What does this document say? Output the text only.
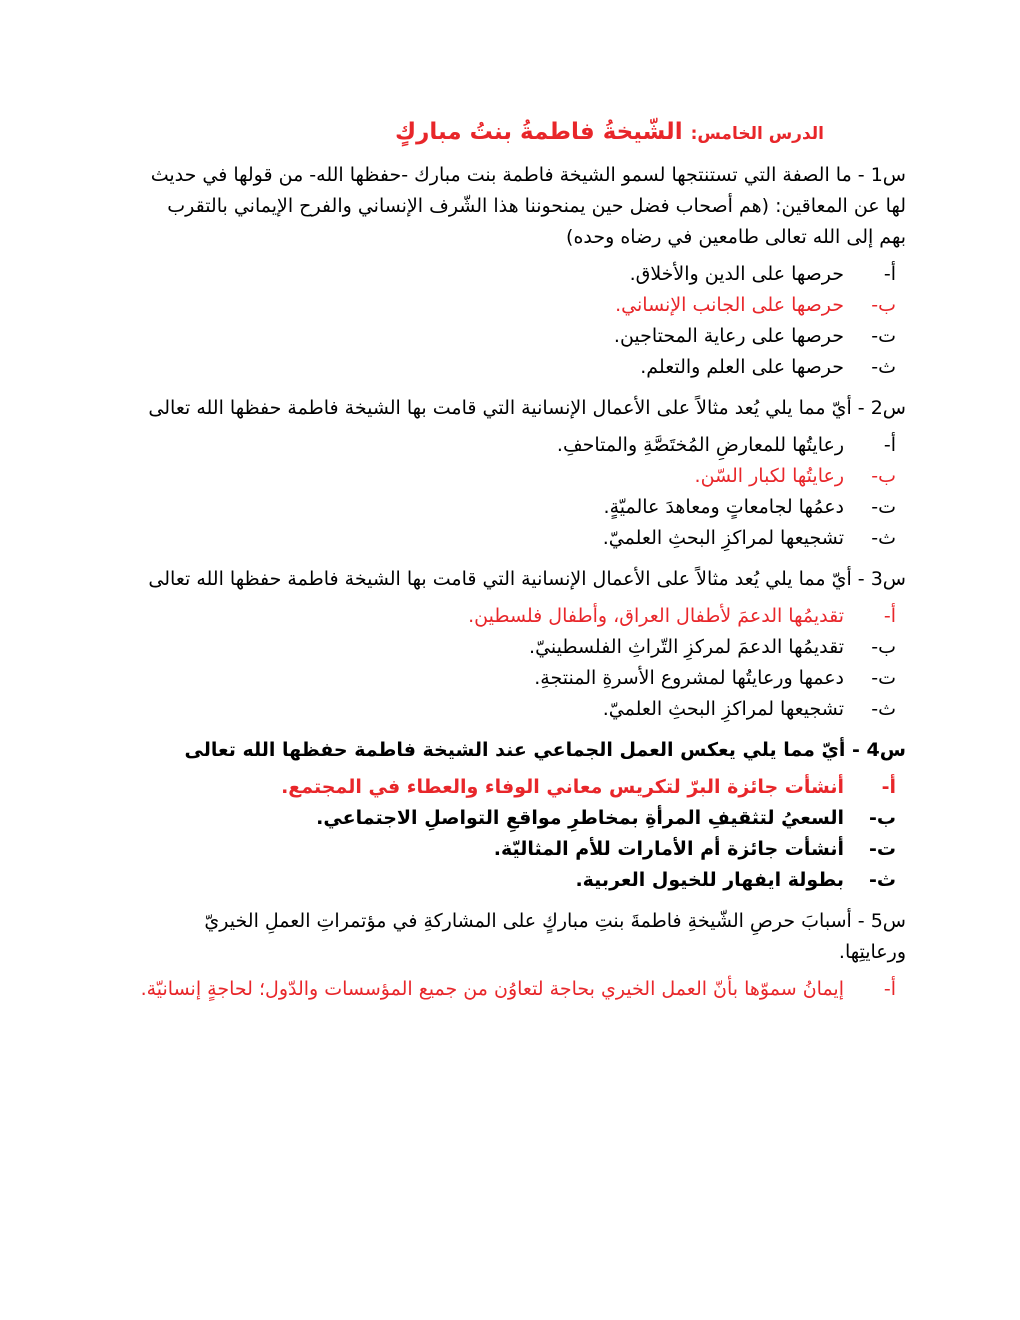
الدرس الخامس: الشّيخةُ فاطمةُ بنتُ مباركٍ

س1 - ما الصفة التي تستنتجها لسمو الشيخة فاطمة بنت مبارك -حفظها الله- من قولها في حديث لها عن المعاقين: (هم أصحاب فضل حين يمنحوننا هذا الشّرف الإنساني والفرح الإيماني بالتقرب بهم إلى الله تعالى طامعين في رضاه وحده)

أ-
حرصها على الدين والأخلاق.
ب-
حرصها على الجانب الإنساني.
ت-
حرصها على رعاية المحتاجين.
ث-
حرصها على العلم والتعلم.

س2 - أيّ مما يلي يُعد مثالاً على الأعمال الإنسانية التي قامت بها الشيخة فاطمة حفظها الله تعالى

أ-
رعايتُها للمعارضِ المُختَصَّةِ والمتاحفِ.
ب-
رعايتُها لكبار السّن.
ت-
دعمُها لجامعاتٍ ومعاهدَ عالميّةٍ.
ث-
تشجيعها لمراكزِ البحثِ العلميّ.

س3 - أيّ مما يلي يُعد مثالاً على الأعمال الإنسانية التي قامت بها الشيخة فاطمة حفظها الله تعالى

أ-
تقديمُها الدعمَ لأطفال العراق، وأطفال فلسطين.
ب-
تقديمُها الدعمَ لمركزِ التّراثِ الفلسطينيّ.
ت-
دعمها ورعايتُها لمشروع الأسرةِ المنتجةِ.
ث-
تشجيعها لمراكزِ البحثِ العلميّ.

س4 - أيّ مما يلي يعكس العمل الجماعي عند الشيخة فاطمة حفظها الله تعالى

أ-
أنشأت جائزة البرّ لتكريس معاني الوفاء والعطاء في المجتمع.
ب-
السعيُ لتثقيفِ المرأةِ بمخاطرِ مواقعِ التواصلِ الاجتماعي.
ت-
أنشأت جائزة أم الأمارات للأم المثاليّة.
ث-
بطولة ايفهار للخيول العربية.

س5 - أسبابَ حرصِ الشّيخةِ فاطمةَ بنتِ مباركٍ على المشاركةِ في مؤتمراتِ العملِ الخيريّ ورعايتِها.

أ-
إيمانُ سموّها بأنّ العمل الخيري بحاجة لتعاوُن من جميع المؤسسات والدّول؛ لحاجةٍ إنسانيّة.
